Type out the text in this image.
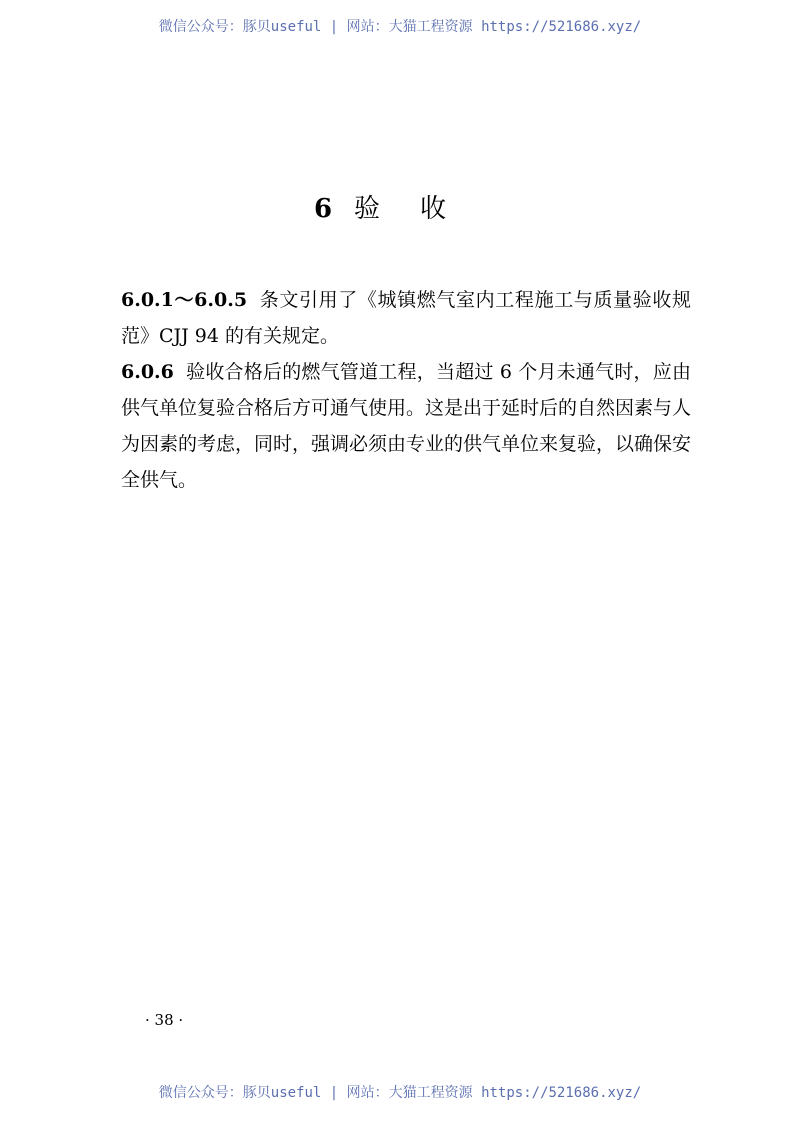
微信公众号：豚贝useful | 网站：大猫工程资源 https://521686.xyz/
6 验收

6.0.1～6.0.5 条文引用了《城镇燃气室内工程施工与质量验收规范》CJJ 94 的有关规定。

6.0.6 验收合格后的燃气管道工程，当超过 6 个月未通气时，应由供气单位复验合格后方可通气使用。这是出于延时后的自然因素与人为因素的考虑，同时，强调必须由专业的供气单位来复验，以确保安全供气。

· 38 ·
微信公众号：豚贝useful | 网站：大猫工程资源 https://521686.xyz/
